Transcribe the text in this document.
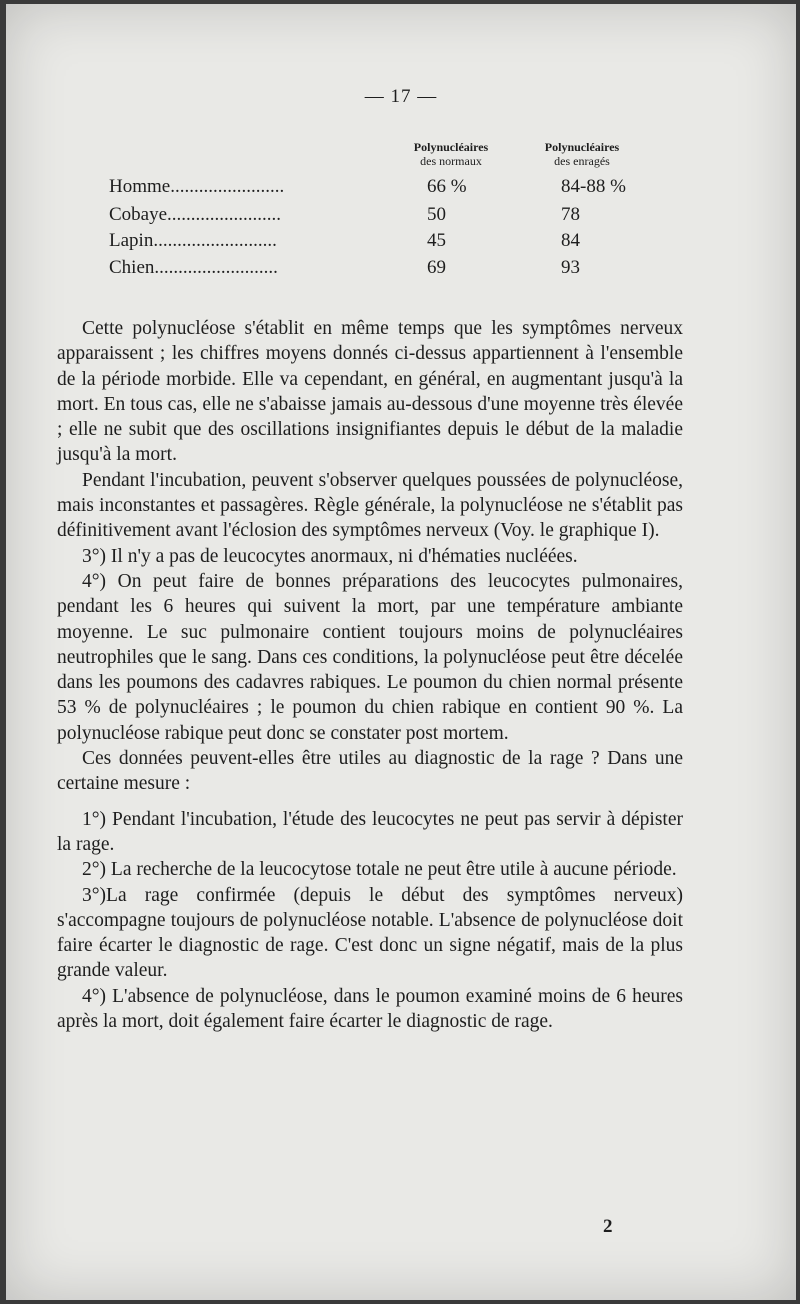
— 17 —
Polynucléaires
des normaux
Polynucléaires
des enragés
Homme........................	66 %	84-88 %
Cobaye........................	50	78
Lapin..........................	45	84
Chien..........................	69	93

Cette polynucléose s'établit en même temps que les symptômes nerveux apparaissent ; les chiffres moyens donnés ci-dessus appartiennent à l'ensemble de la période morbide. Elle va cependant, en général, en augmentant jusqu'à la mort. En tous cas, elle ne s'abaisse jamais au-dessous d'une moyenne très élevée ; elle ne subit que des oscillations insignifiantes depuis le début de la maladie jusqu'à la mort.

Pendant l'incubation, peuvent s'observer quelques poussées de polynucléose, mais inconstantes et passagères. Règle générale, la polynucléose ne s'établit pas définitivement avant l'éclosion des symptômes nerveux (Voy. le graphique I).

3°) Il n'y a pas de leucocytes anormaux, ni d'hématies nucléées.

4°) On peut faire de bonnes préparations des leucocytes pulmonaires, pendant les 6 heures qui suivent la mort, par une température ambiante moyenne. Le suc pulmonaire contient toujours moins de polynucléaires neutrophiles que le sang. Dans ces conditions, la polynucléose peut être décelée dans les poumons des cadavres rabiques. Le poumon du chien normal présente 53 % de polynucléaires ; le poumon du chien rabique en contient 90 %. La polynucléose rabique peut donc se constater post mortem.

Ces données peuvent-elles être utiles au diagnostic de la rage ? Dans une certaine mesure :

1°) Pendant l'incubation, l'étude des leucocytes ne peut pas servir à dépister la rage.

2°) La recherche de la leucocytose totale ne peut être utile à aucune période.

3°)La rage confirmée (depuis le début des symptômes nerveux) s'accompagne toujours de polynucléose notable. L'absence de polynucléose doit faire écarter le diagnostic de rage. C'est donc un signe négatif, mais de la plus grande valeur.

4°) L'absence de polynucléose, dans le poumon examiné moins de 6 heures après la mort, doit également faire écarter le diagnostic de rage.

2
